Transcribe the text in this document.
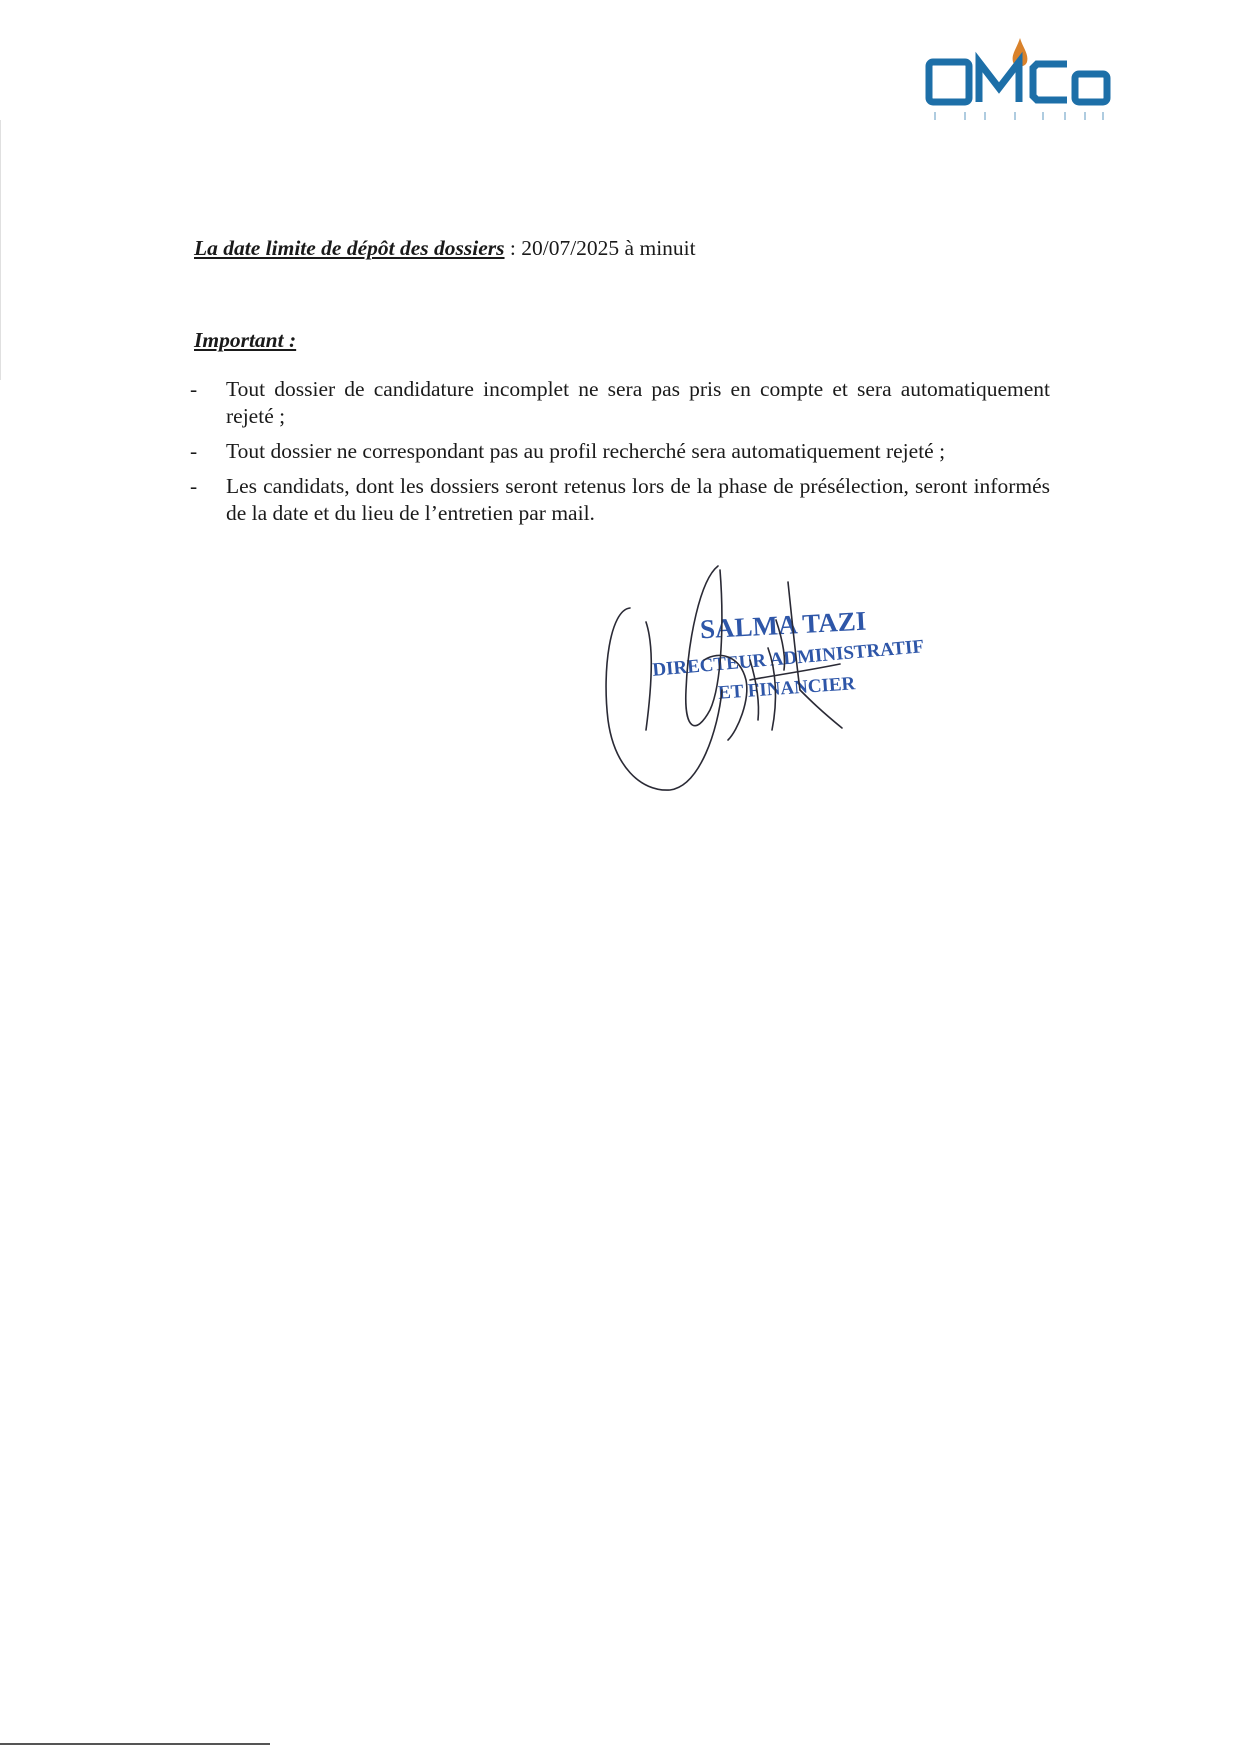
La date limite de dépôt des dossiers : 20/07/2025 à minuit
Important :
- Tout dossier de candidature incomplet ne sera pas pris en compte et sera automatiquement rejeté ;
- Tout dossier ne correspondant pas au profil recherché sera automatiquement rejeté ;
- Les candidats, dont les dossiers seront retenus lors de la phase de présélection, seront informés de la date et du lieu de l’entretien par mail.
SALMA TAZI
DIRECTEUR ADMINISTRATIF
ET FINANCIER
